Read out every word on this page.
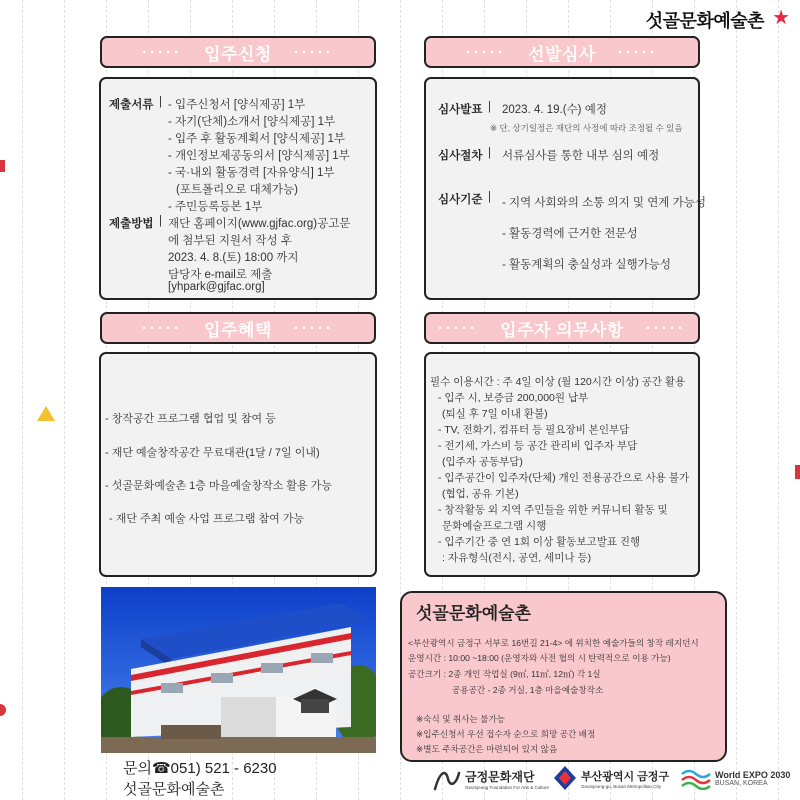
섯골문화예술촌 ★
····· 입주신청 ·····
제출서류 | - 입주신청서 [양식제공] 1부
- 자기(단체)소개서 [양식제공] 1부
- 입주 후 활동계획서 [양식제공] 1부
- 개인정보제공동의서 [양식제공] 1부
- 국·내외 활동경력 [자유양식] 1부
(포트폴리오로 대체가능)
- 주민등록등본 1부
제출방법 | 재단 홈페이지(www.gjfac.org)공고문
에 첨부된 지원서 작성 후
2023. 4. 8.(토) 18:00 까지
담당자 e-mail로 제출
[yhpark@gjfac.org]
····· 선발심사 ·····
심사발표 | 2023. 4. 19.(수) 예정
※ 단, 상기일정은 재단의 사정에 따라 조정될 수 있음
심사절차 | 서류심사를 통한 내부 심의 예정
심사기준 | - 지역 사회와의 소통 의지 및 연계 가능성
- 활동경력에 근거한 전문성
- 활동계획의 충실성과 실행가능성
····· 입주혜택 ·····
- 창작공간 프로그램 협업 및 참여 등
- 재단 예술창작공간 무료대관(1달 / 7일 이내)
- 섯골문화예술촌 1층 마을예술창작소 활용 가능
- 재단 주최 예술 사업 프로그램 참여 가능
····· 입주자 의무사항 ·····
필수 이용시간 : 주 4일 이상 (월 120시간 이상) 공간 활용
- 입주 시, 보증금 200,000원 납부
(퇴실 후 7일 이내 환불)
- TV, 전화기, 컴퓨터 등 필요장비 본인부담
- 전기세, 가스비 등 공간 관리비 입주자 부담
(입주자 공동부담)
- 입주공간이 입주자(단체) 개인 전용공간으로 사용 불가
(협업, 공유 기본)
- 창작활동 외 지역 주민들을 위한 커뮤니티 활동 및
문화예술프로그램 시행
- 입주기간 중 연 1회 이상 활동보고발표 진행
: 자유형식(전시, 공연, 세미나 등)
문의☎051) 521 - 6230
섯골문화예술촌
섯골문화예술촌
<부산광역시 금정구 서부로 16번길 21-4> 에 위치한 예술가들의 창작 레지던시
운영시간 : 10:00 ~18:00 (운영자와 사전 협의 시 탄력적으로 이용 가능)
공간크기 : 2종 개인 작업실 (9㎡, 11㎡, 12㎡) 각 1실
공용공간 - 2종 거실, 1층 마을예술창작소
※숙식 및 취사는 불가능
※입주신청서 우선 접수자 순으로 희망 공간 배정
※별도 주차공간은 마련되어 있지 않음
금정문화재단
Geumjeong Foundation For Arts & Culture
부산광역시 금정구
Geumjeong-gu, Busan Metropolitan City
World EXPO 2030
BUSAN, KOREA
